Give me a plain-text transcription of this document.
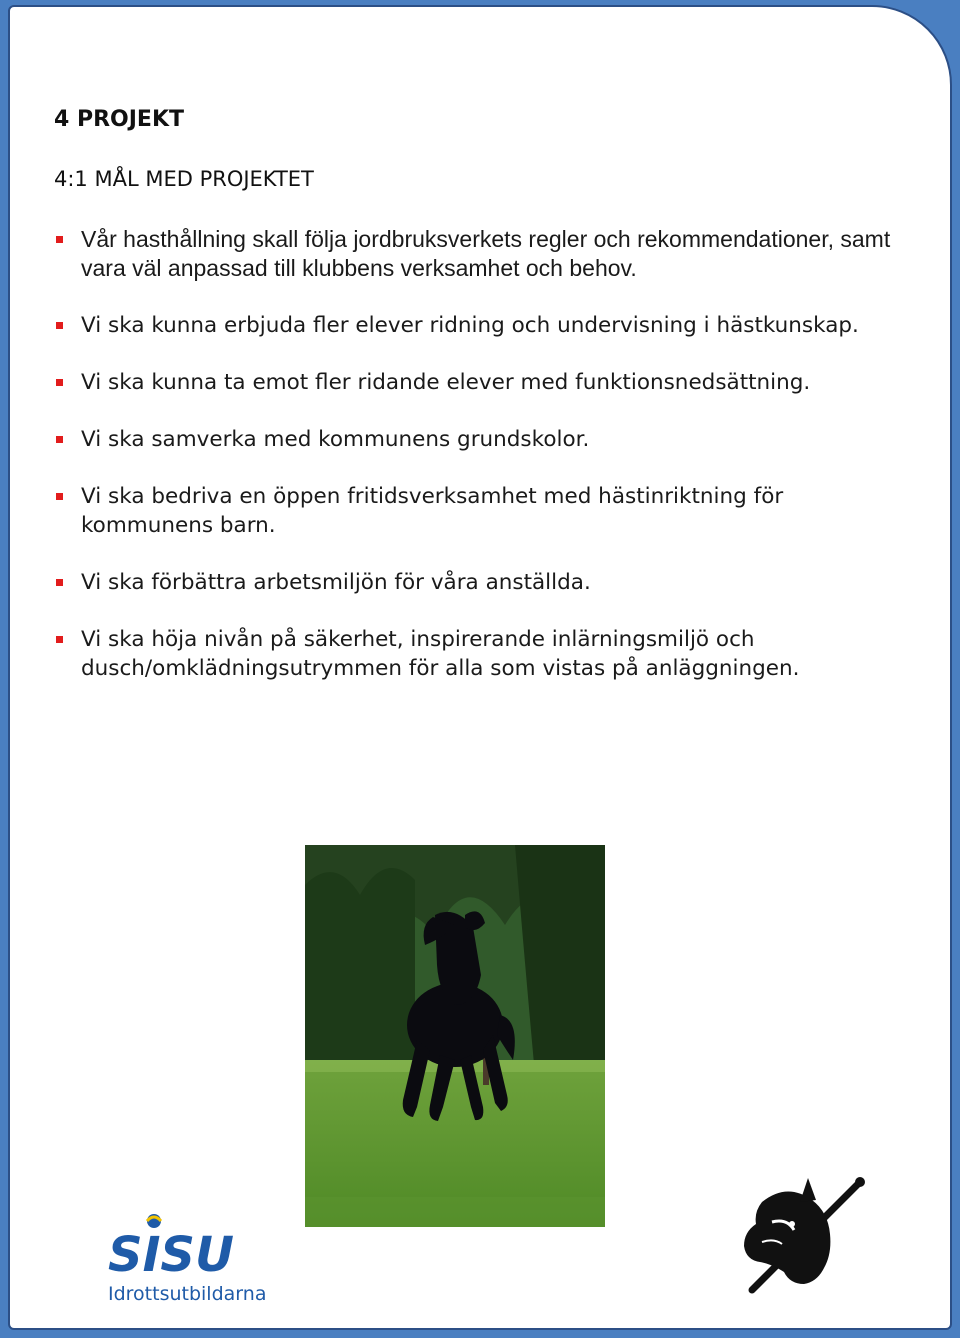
4 PROJEKT
4:1 MÅL MED PROJEKTET
Vår hasthållning skall följa jordbruksverkets regler och rekommendationer, samt vara väl anpassad till klubbens verksamhet och behov.
Vi ska kunna erbjuda fler elever ridning och undervisning i hästkunskap.
Vi ska kunna ta emot fler ridande elever med funktionsnedsättning.
Vi ska samverka med kommunens grundskolor.
Vi ska bedriva en öppen fritidsverksamhet med hästinriktning för kommunens barn.
Vi ska förbättra arbetsmiljön för våra anställda.
Vi ska höja nivån på säkerhet, inspirerande inlärningsmiljö och dusch/omklädningsutrymmen för alla som vistas på anläggningen.
SISU
Idrottsutbildarna
